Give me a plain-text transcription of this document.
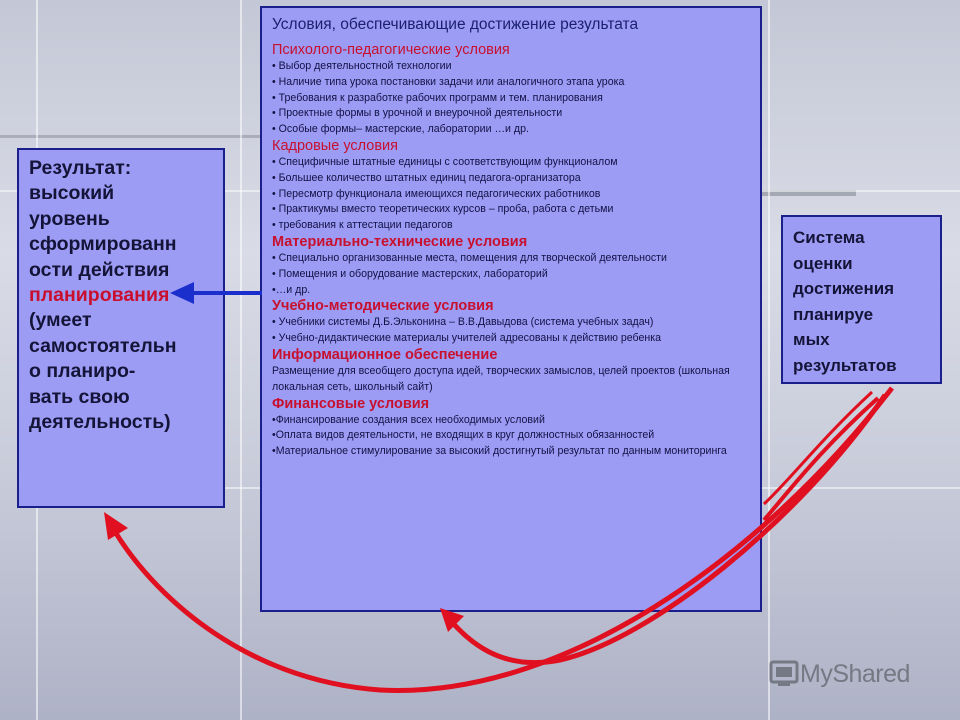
Условия, обеспечивающие достижение результата
Психолого-педагогические условия
• Выбор деятельностной технологии
• Наличие типа урока постановки задачи или аналогичного этапа урока
• Требования к разработке рабочих программ и тем. планирования
• Проектные формы в урочной и внеурочной деятельности
• Особые формы– мастерские, лаборатории …и др.
Кадровые условия
• Специфичные штатные единицы с соответствующим функционалом
• Большее количество штатных единиц педагога-организатора
• Пересмотр функционала имеющихся педагогических работников
• Практикумы вместо теоретических курсов – проба, работа с детьми
• требования к аттестации педагогов
Материально-технические условия
• Специально организованные места, помещения для творческой деятельности
• Помещения и оборудование мастерских, лабораторий
•…и др.
Учебно-методические условия
• Учебники системы Д.Б.Эльконина – В.В.Давыдова (система учебных задач)
• Учебно-дидактические материалы учителей адресованы к действию ребенка
Информационное обеспечение
Размещение для всеобщего доступа идей, творческих замыслов, целей проектов (школьная локальная сеть, школьный сайт)
Финансовые условия
•Финансирование создания всех необходимых условий
•Оплата видов деятельности, не входящих в круг должностных обязанностей
•Материальное стимулирование за высокий достигнутый результат по данным мониторинга
Результат:
высокий
уровень
сформированн
ости действия
планирования
(умеет
самостоятельн
о планиро-
вать свою
деятельность)
Система
оценки
достижения
планируе
мых
результатов
MyShared
